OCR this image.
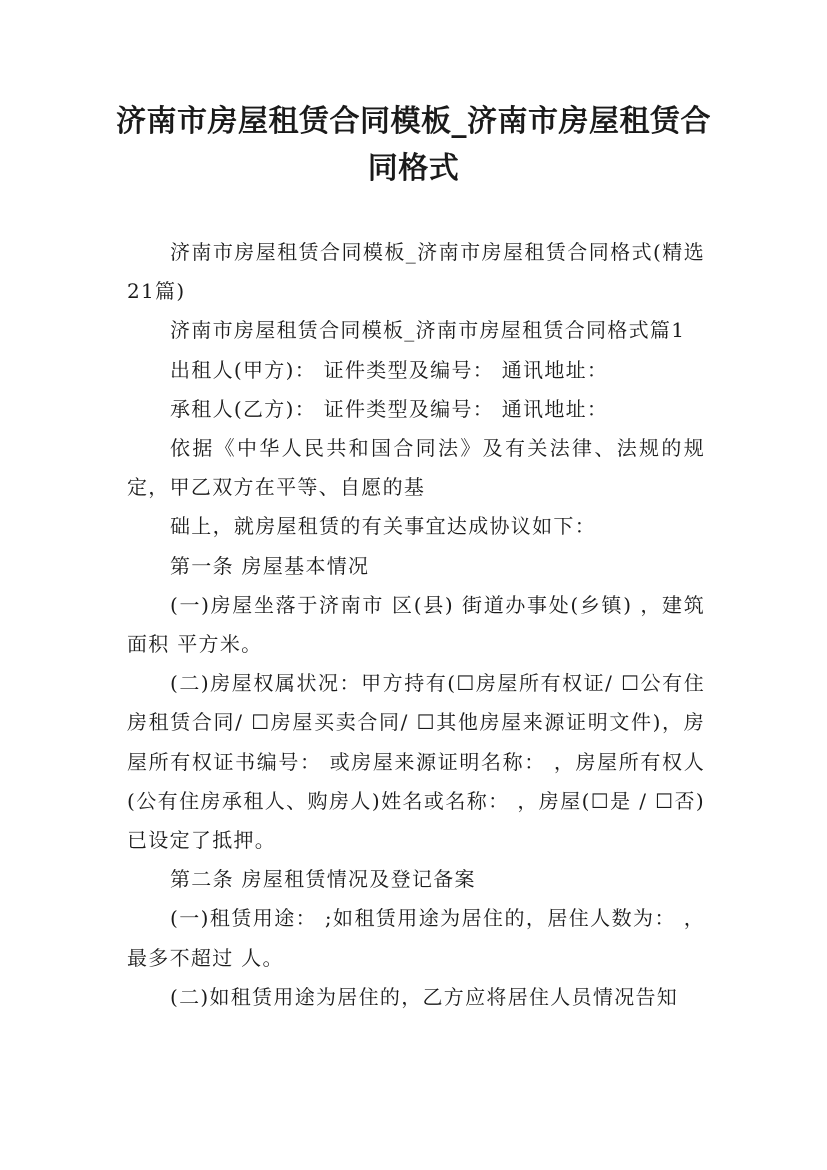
济南市房屋租赁合同模板_济南市房屋租赁合同格式

济南市房屋租赁合同模板_济南市房屋租赁合同格式(精选21篇)

济南市房屋租赁合同模板_济南市房屋租赁合同格式篇1

出租人(甲方)： 证件类型及编号： 通讯地址：

承租人(乙方)： 证件类型及编号： 通讯地址：

依据《中华人民共和国合同法》及有关法律、法规的规定，甲乙双方在平等、自愿的基

础上，就房屋租赁的有关事宜达成协议如下：

第一条 房屋基本情况

(一)房屋坐落于济南市 区(县) 街道办事处(乡镇) ，建筑面积 平方米。

(二)房屋权属状况：甲方持有(☐房屋所有权证/ ☐公有住房租赁合同/ ☐房屋买卖合同/ ☐其他房屋来源证明文件)，房屋所有权证书编号： 或房屋来源证明名称： ，房屋所有权人(公有住房承租人、购房人)姓名或名称： ，房屋(☐是 / ☐否) 已设定了抵押。

第二条 房屋租赁情况及登记备案

(一)租赁用途： ;如租赁用途为居住的，居住人数为： ，最多不超过 人。

(二)如租赁用途为居住的，乙方应将居住人员情况告知
